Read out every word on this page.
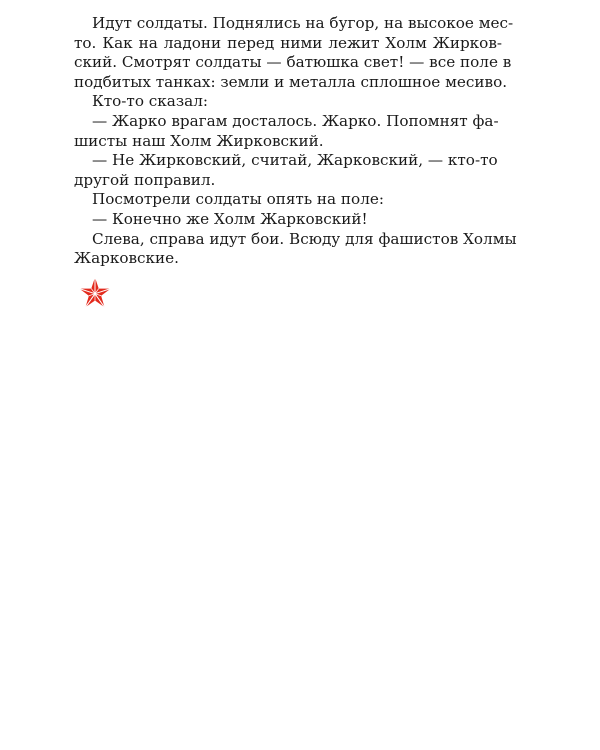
Идут солдаты. Поднялись на бугор, на высокое мес-
то. Как на ладони перед ними лежит Холм Жирков-
ский. Смотрят солдаты — батюшка свет! — все поле в
подбитых танках: земли и металла сплошное месиво.
Кто-то сказал:
— Жарко врагам досталось. Жарко. Попомнят фа-
шисты наш Холм Жирковский.
— Не Жирковский, считай, Жарковский, — кто-то
другой поправил.
Посмотрели солдаты опять на поле:
— Конечно же Холм Жарковский!
Слева, справа идут бои. Всюду для фашистов Холмы
Жарковские.
